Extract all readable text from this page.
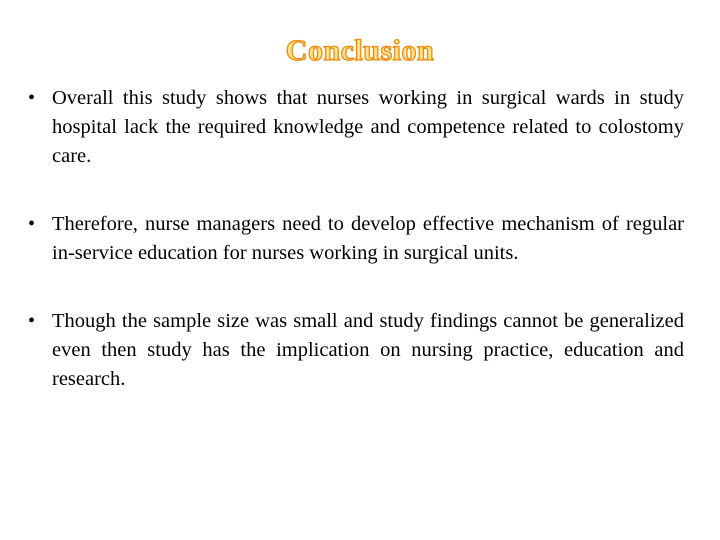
Conclusion
• Overall this study shows that nurses working in surgical wards in study hospital lack the required knowledge and competence related to colostomy care.
• Therefore, nurse managers need to develop effective mechanism of regular in-service education for nurses working in surgical units.
• Though the sample size was small and study findings cannot be generalized even then study has the implication on nursing practice, education and research.
